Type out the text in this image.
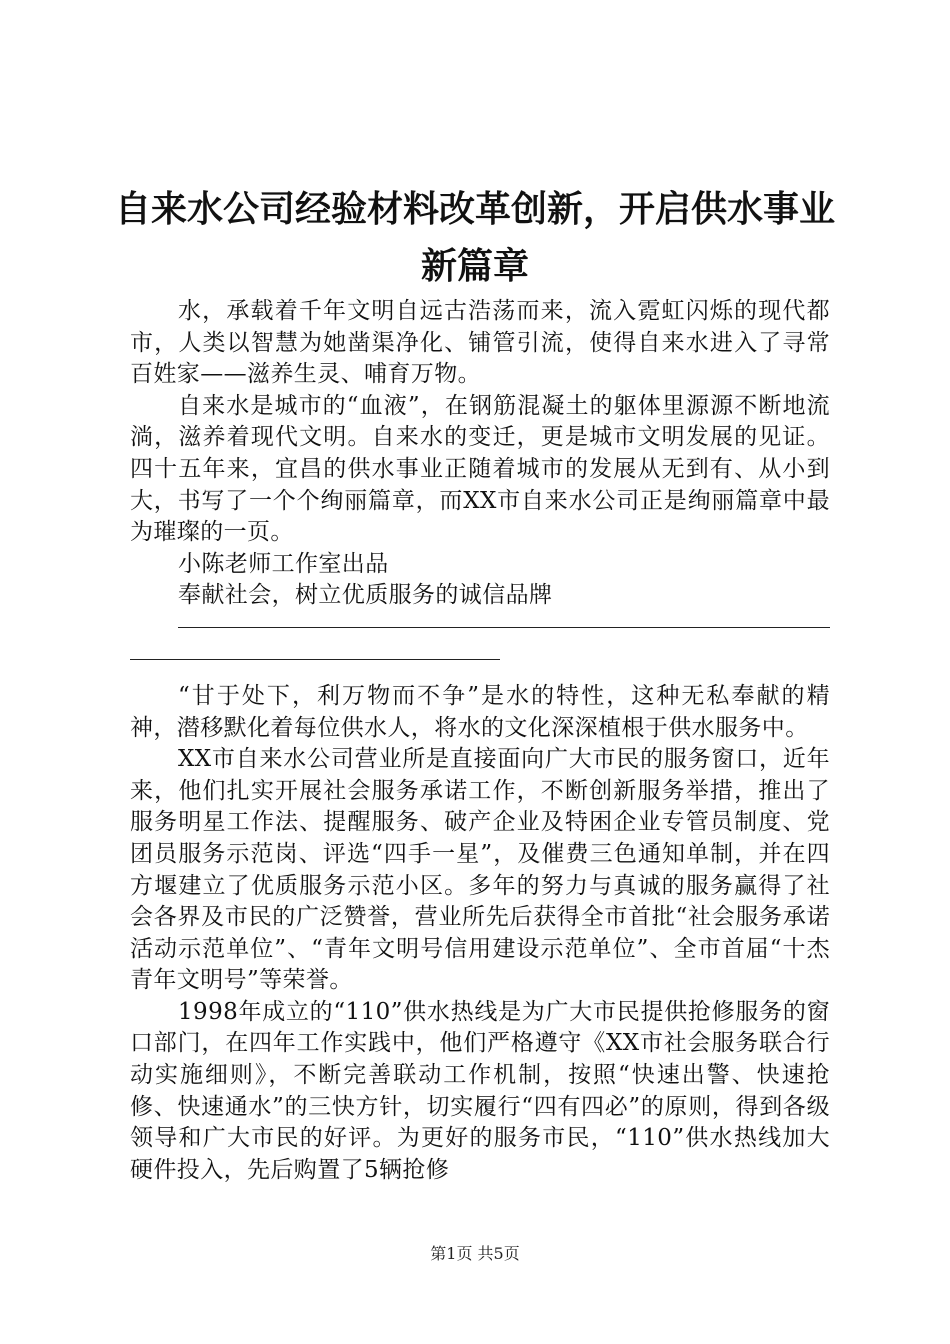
自来水公司经验材料改革创新，开启供水事业
新篇章

水，承载着千年文明自远古浩荡而来，流入霓虹闪烁的现代都市，人类以智慧为她凿渠净化、铺管引流，使得自来水进入了寻常百姓家——滋养生灵、哺育万物。

自来水是城市的“血液”，在钢筋混凝土的躯体里源源不断地流淌，滋养着现代文明。自来水的变迁，更是城市文明发展的见证。四十五年来，宜昌的供水事业正随着城市的发展从无到有、从小到大，书写了一个个绚丽篇章，而XX市自来水公司正是绚丽篇章中最为璀璨的一页。

小陈老师工作室出品

奉献社会，树立优质服务的诚信品牌

“甘于处下，利万物而不争”是水的特性，这种无私奉献的精神，潜移默化着每位供水人，将水的文化深深植根于供水服务中。

XX市自来水公司营业所是直接面向广大市民的服务窗口，近年来，他们扎实开展社会服务承诺工作，不断创新服务举措，推出了服务明星工作法、提醒服务、破产企业及特困企业专管员制度、党团员服务示范岗、评选“四手一星”，及催费三色通知单制，并在四方堰建立了优质服务示范小区。多年的努力与真诚的服务赢得了社会各界及市民的广泛赞誉，营业所先后获得全市首批“社会服务承诺活动示范单位”、“青年文明号信用建设示范单位”、全市首届“十杰青年文明号”等荣誉。

1998年成立的“110”供水热线是为广大市民提供抢修服务的窗口部门，在四年工作实践中，他们严格遵守《XX市社会服务联合行动实施细则》，不断完善联动工作机制，按照“快速出警、快速抢修、快速通水”的三快方针，切实履行“四有四必”的原则，得到各级领导和广大市民的好评。为更好的服务市民，“110”供水热线加大硬件投入，先后购置了5辆抢修

第1页 共5页
